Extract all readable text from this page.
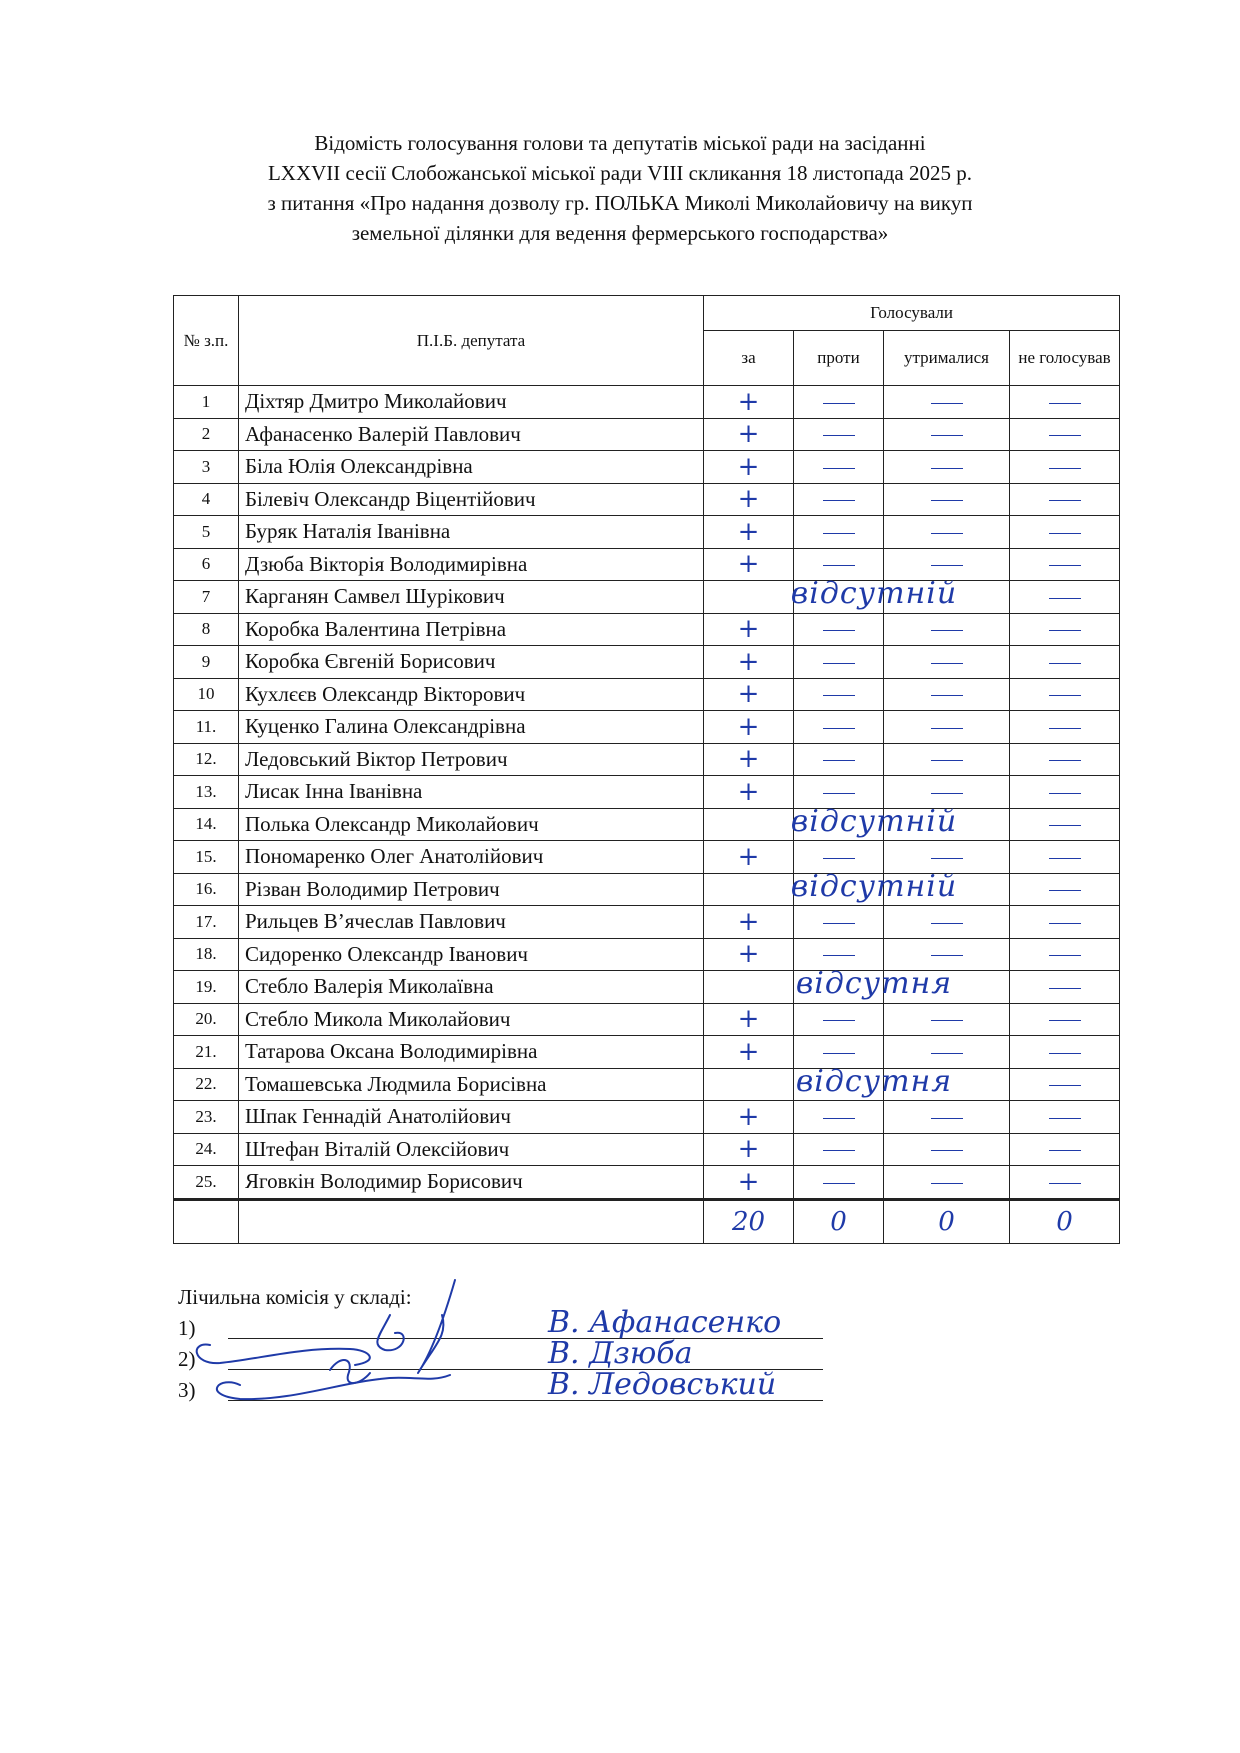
Відомість голосування голови та депутатів міської ради на засіданні
LXXVII сесії Слобожанської міської ради VIII скликання 18 листопада 2025 р.
з питання «Про надання дозволу гр. ПОЛЬКА Миколі Миколайовичу на викуп
земельної ділянки для ведення фермерського господарства»
№ з.п.	П.І.Б. депутата	Голосували			
		за	проти	утрималися	не голосував
1	Діхтяр Дмитро Миколайович	+			
2	Афанасенко Валерій Павлович	+			
3	Біла Юлія Олександрівна	+			
4	Білевіч Олександр Віцентійович	+			
5	Буряк Наталія Іванівна	+			
6	Дзюба Вікторія Володимирівна	+			
7	Карганян Самвел Шурікович		відсутній		

8	Коробка Валентина Петрівна	+			
9	Коробка Євгеній Борисович	+			
10	Кухлєєв Олександр Вікторович	+			
11.	Куценко Галина Олександрівна	+			
12.	Ледовський Віктор Петрович	+			
13.	Лисак Інна Іванівна	+			
14.	Полька Олександр Миколайович		відсутній		

15.	Пономаренко Олег Анатолійович	+			
16.	Різван Володимир Петрович		відсутній		

17.	Рильцев В’ячеслав Павлович	+			
18.	Сидоренко Олександр Іванович	+			
19.	Стебло Валерія Миколаївна		відсутня		

20.	Стебло Микола Миколайович	+			
21.	Татарова Оксана Володимирівна	+			
22.	Томашевська Людмила Борисівна		відсутня		

23.	Шпак Геннадій Анатолійович	+			
24.	Штефан Віталій Олексійович	+			
25.	Яговкін Володимир Борисович	+			
		20	0	0	0
Лічильна комісія у складі:
1)	В. Афанасенко
2)	В. Дзюба
3)	В. Ледовський
